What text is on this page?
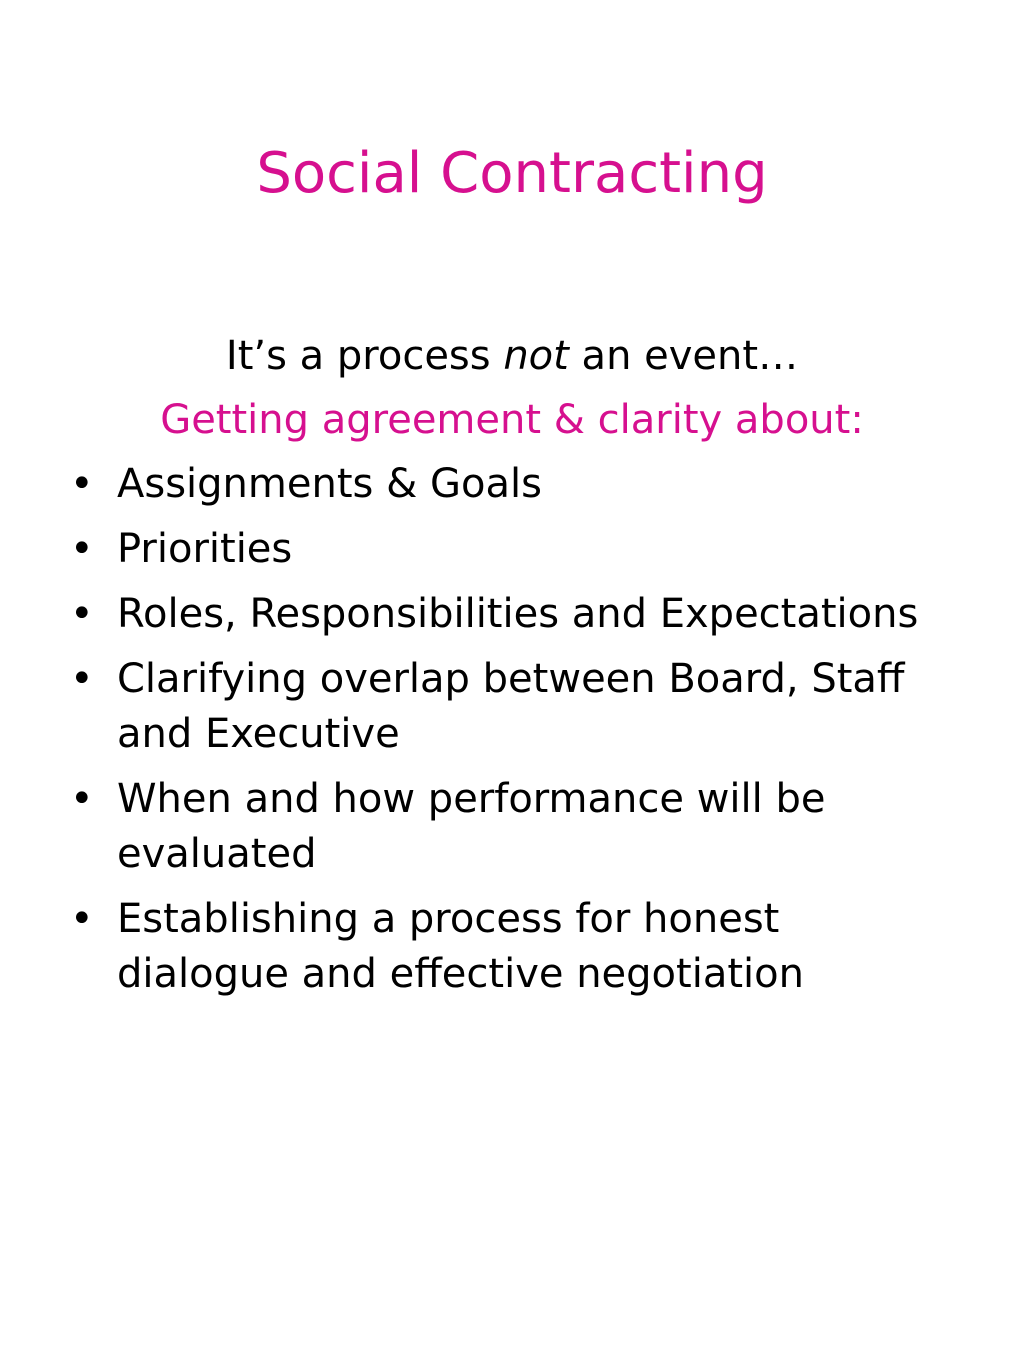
Social Contracting

It’s a process not an event…

Getting agreement & clarity about:

• Assignments & Goals
• Priorities
• Roles, Responsibilities and Expectations
• Clarifying overlap between Board, Staff and Executive
• When and how performance will be evaluated
• Establishing a process for honest dialogue and effective negotiation
